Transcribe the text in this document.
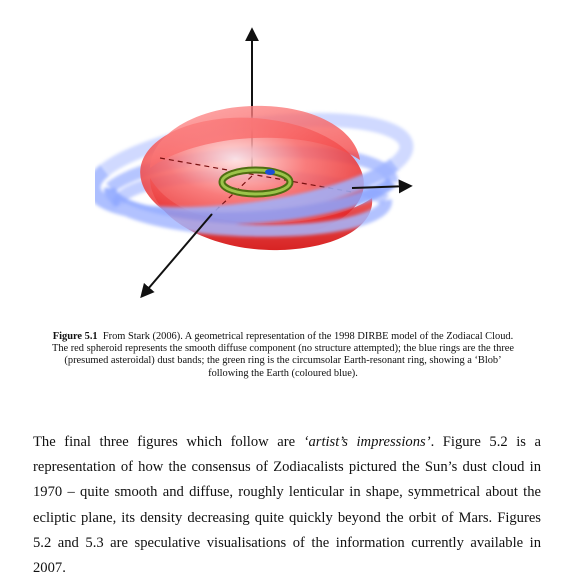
Figure 5.1 From Stark (2006). A geometrical representation of the 1998 DIRBE model of the Zodiacal Cloud. The red spheroid represents the smooth diffuse component (no structure attempted); the blue rings are the three (presumed asteroidal) dust bands; the green ring is the circumsolar Earth-resonant ring, showing a ‘Blob’ following the Earth (coloured blue).

The final three figures which follow are ‘artist’s impressions’. Figure 5.2 is a representation of how the consensus of Zodiacalists pictured the Sun’s dust cloud in 1970 – quite smooth and diffuse, roughly lenticular in shape, symmetrical about the ecliptic plane, its density decreasing quite quickly beyond the orbit of Mars. Figures 5.2 and 5.3 are speculative visualisations of the information currently available in 2007.
